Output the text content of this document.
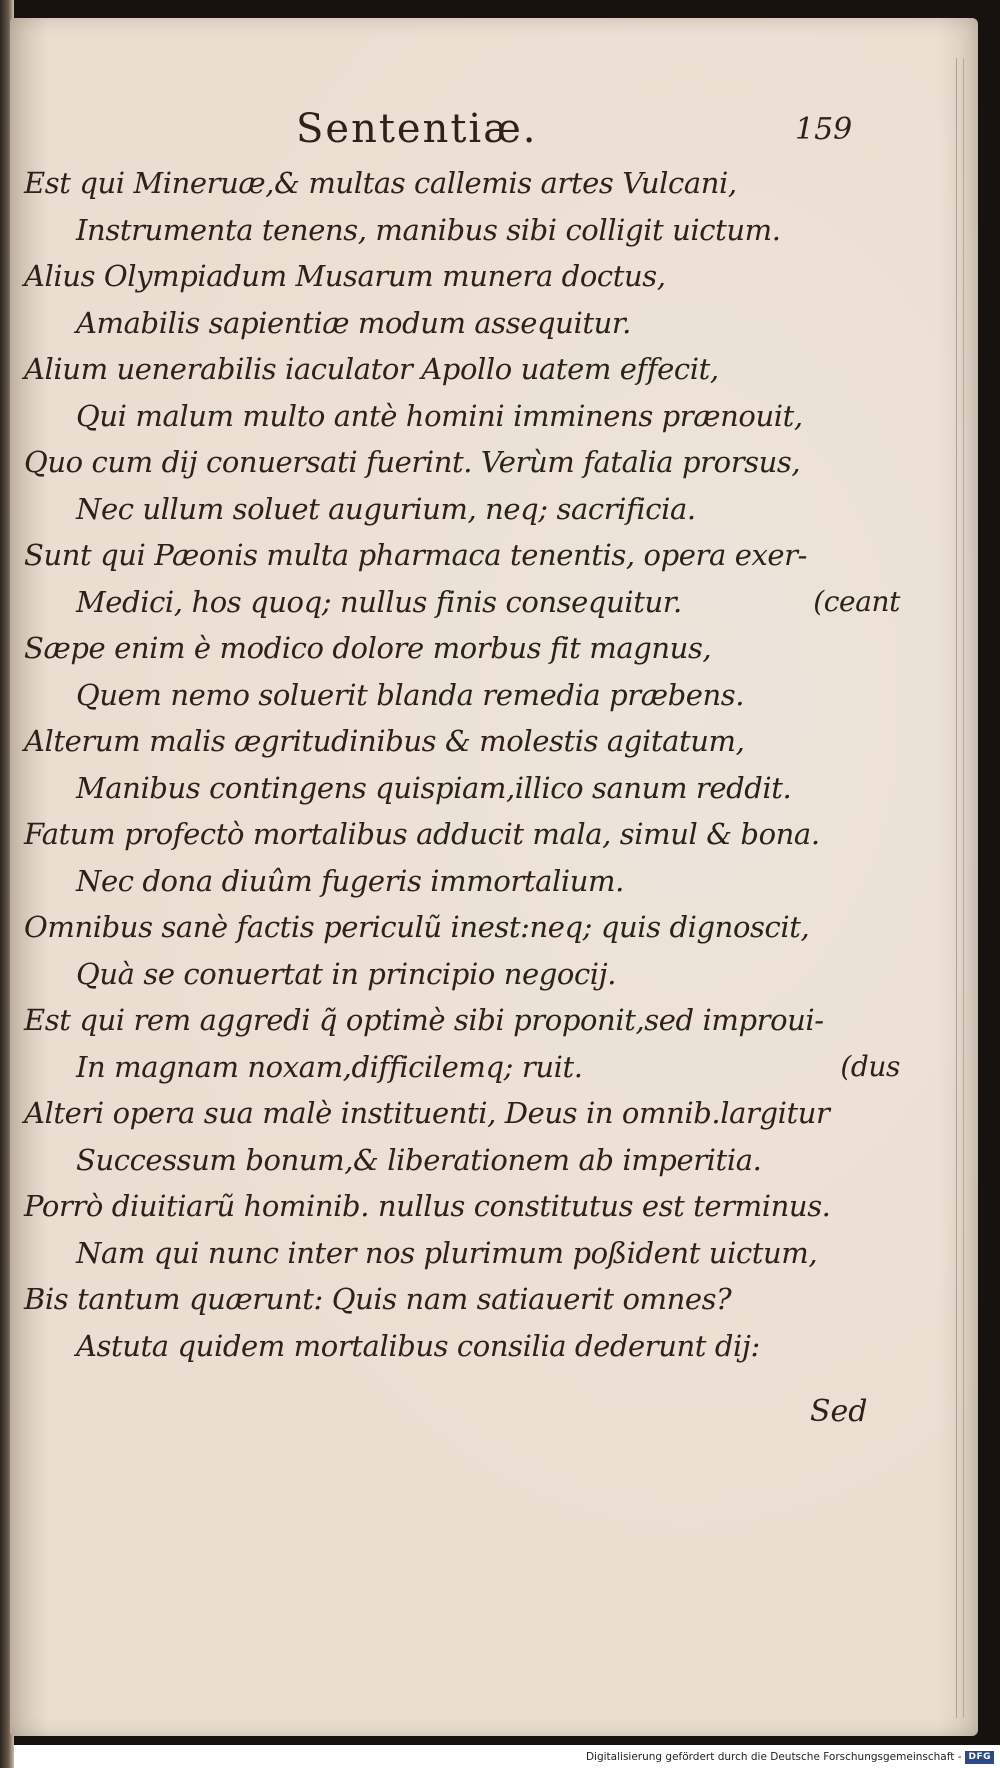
Sententiæ.	159
Est qui Mineruæ,& multas callemis artes Vulcani,
Instrumenta tenens, manibus sibi colligit uictum.
Alius Olympiadum Musarum munera doctus,
Amabilis sapientiæ modum assequitur.
Alium uenerabilis iaculator Apollo uatem effecit,
Qui malum multo antè homini imminens prænouit,
Quo cum dij conuersati fuerint. Verùm fatalia prorsus,
Nec ullum soluet augurium, neq; sacrificia.
Sunt qui Pæonis multa pharmaca tenentis, opera exer-
Medici, hos quoq; nullus finis consequitur.	(ceant
Sæpe enim è modico dolore morbus fit magnus,
Quem nemo soluerit blanda remedia præbens.
Alterum malis ægritudinibus & molestis agitatum,
Manibus contingens quispiam,illico sanum reddit.
Fatum profectò mortalibus adducit mala, simul & bona.
Nec dona diuûm fugeris immortalium.
Omnibus sanè factis periculũ inest:neq; quis dignoscit,
Quà se conuertat in principio negocij.
Est qui rem aggredi q̃ optimè sibi proponit,sed improui-
In magnam noxam,difficilemq; ruit.	(dus
Alteri opera sua malè instituenti, Deus in omnib.largitur
Successum bonum,& liberationem ab imperitia.
Porrò diuitiarũ hominib. nullus constitutus est terminus.
Nam qui nunc inter nos plurimum poßident uictum,
Bis tantum quærunt: Quis nam satiauerit omnes?
Astuta quidem mortalibus consilia dederunt dij:
Sed
Digitalisierung gefördert durch die Deutsche Forschungsgemeinschaft - DFG
